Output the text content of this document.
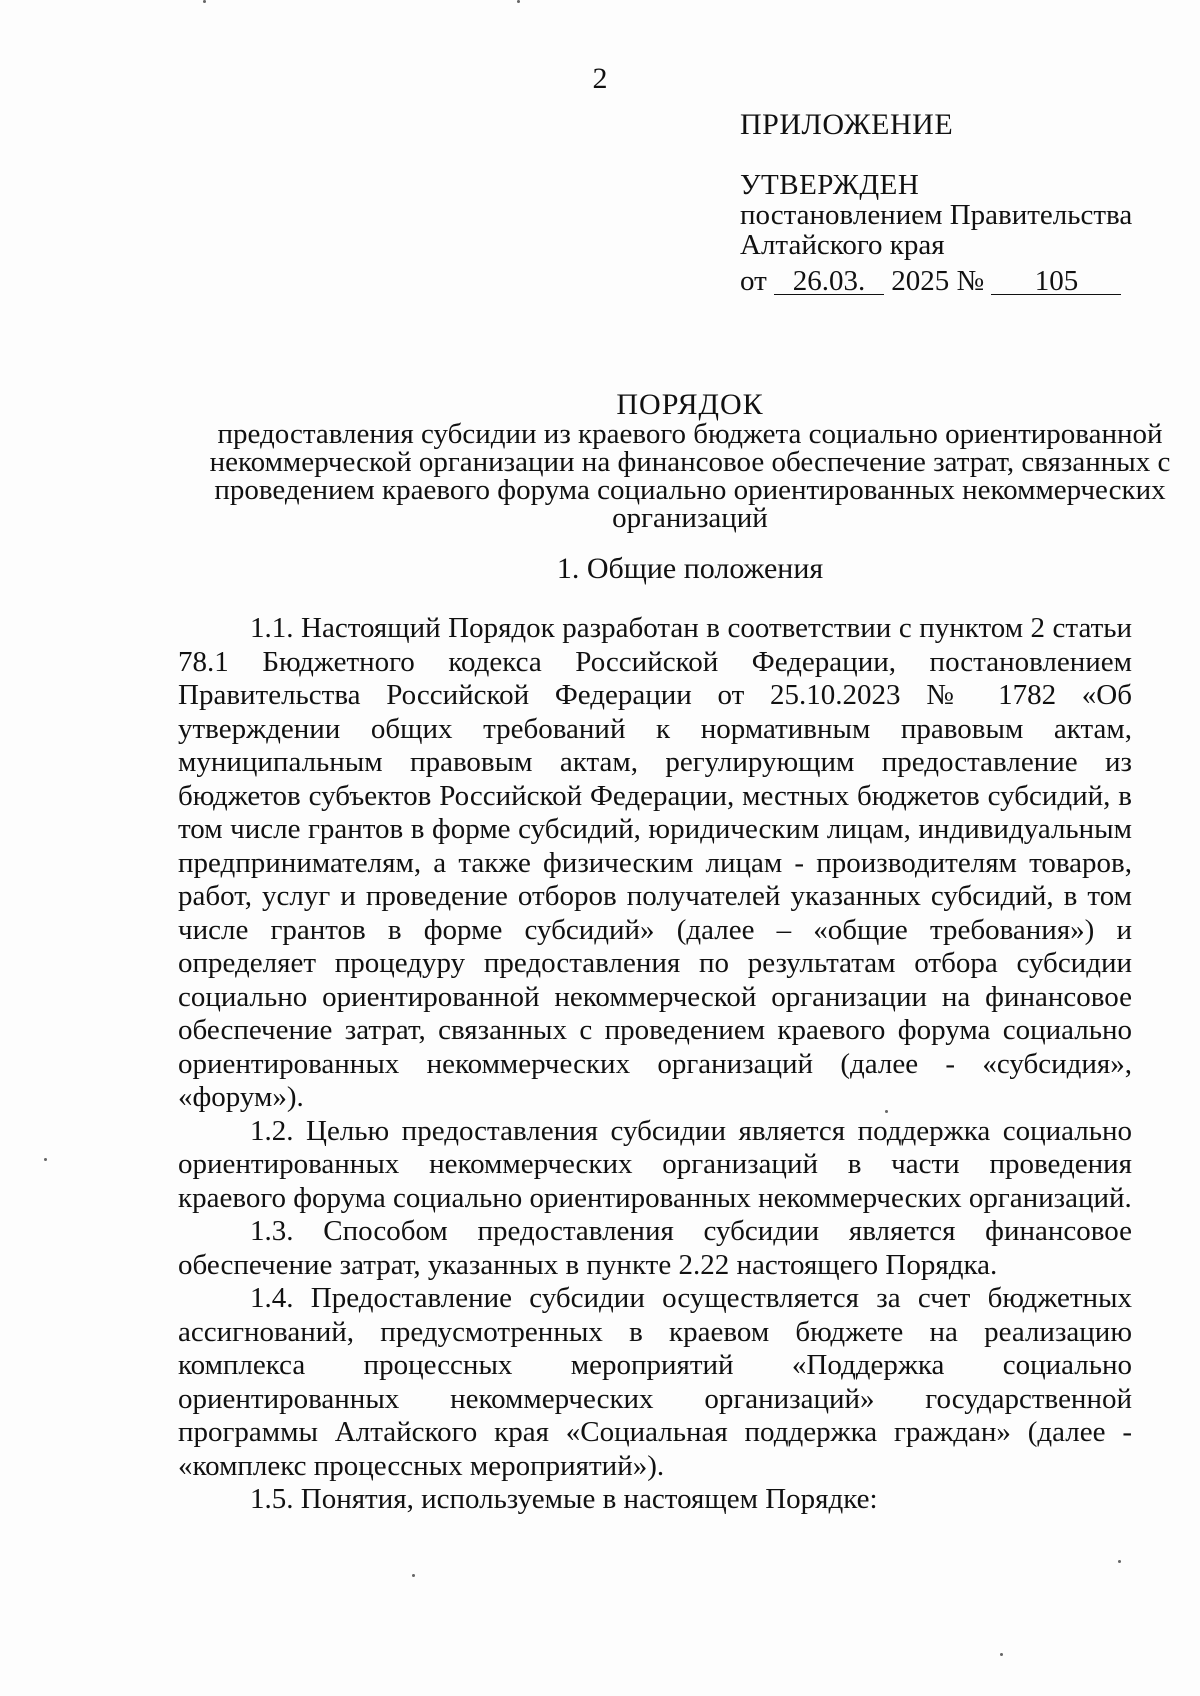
2
ПРИЛОЖЕНИЕ
УТВЕРЖДЕН
постановлением Правительства
Алтайского края
от 26.03. 2025 № 105
ПОРЯДОК
предоставления субсидии из краевого бюджета социально ориентированной некоммерческой организации на финансовое обеспечение затрат, связанных с проведением краевого форума социально ориентированных некоммерческих организаций
1. Общие положения

1.1. Настоящий Порядок разработан в соответствии с пунктом 2 статьи 78.1 Бюджетного кодекса Российской Федерации, постановлением Правительства Российской Федерации от 25.10.2023 № 1782 «Об утверждении общих требований к нормативным правовым актам, муниципальным правовым актам, регулирующим предоставление из бюджетов субъектов Российской Федерации, местных бюджетов субсидий, в том числе грантов в форме субсидий, юридическим лицам, индивидуальным предпринимателям, а также физическим лицам - производителям товаров, работ, услуг и проведение отборов получателей указанных субсидий, в том числе грантов в форме субсидий» (далее – «общие требования») и определяет процедуру предоставления по результатам отбора субсидии социально ориентированной некоммерческой организации на финансовое обеспечение затрат, связанных с проведением краевого форума социально ориентированных некоммерческих организаций (далее - «субсидия», «форум»).

1.2. Целью предоставления субсидии является поддержка социально ориентированных некоммерческих организаций в части проведения краевого форума социально ориентированных некоммерческих организаций.

1.3. Способом предоставления субсидии является финансовое обеспечение затрат, указанных в пункте 2.22 настоящего Порядка.

1.4. Предоставление субсидии осуществляется за счет бюджетных ассигнований, предусмотренных в краевом бюджете на реализацию комплекса процессных мероприятий «Поддержка социально ориентированных некоммерческих организаций» государственной программы Алтайского края «Социальная поддержка граждан» (далее - «комплекс процессных мероприятий»).

1.5. Понятия, используемые в настоящем Порядке:
